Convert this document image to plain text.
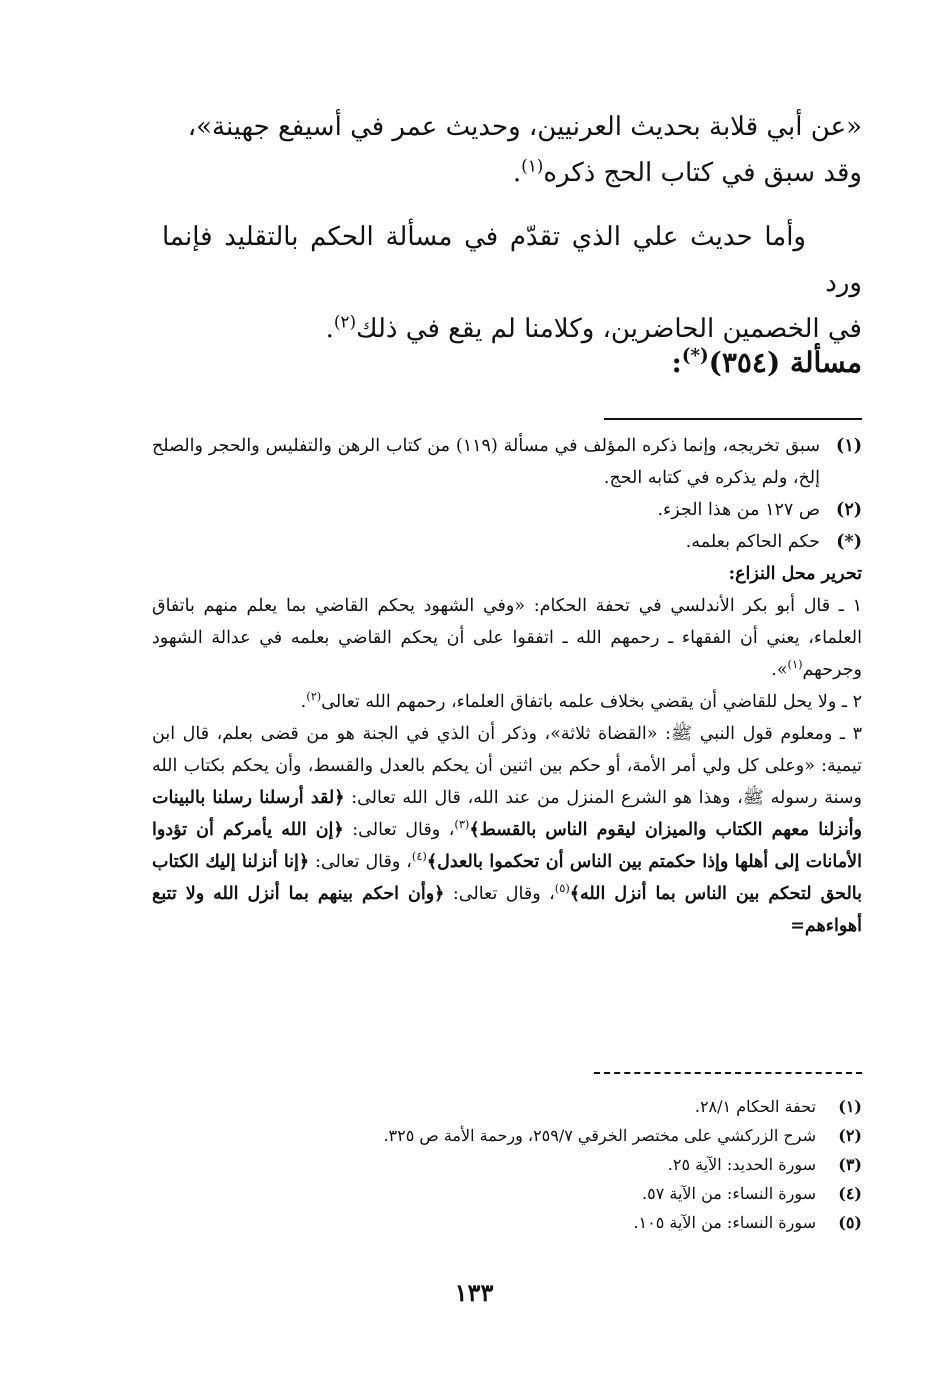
«عن أبي قلابة بحديث العرنيين، وحديث عمر في أسيفع جهينة»،
وقد سبق في كتاب الحج ذكره$^{(١)}$.
وأما حديث علي الذي تقدّم في مسألة الحكم بالتقليد فإنما ورد
في الخصمين الحاضرين، وكلامنا لم يقع في ذلك$^{(٢)}$.
مسألة (٣٥٤)(*):
(١)
سبق تخريجه، وإنما ذكره المؤلف في مسألة (١١٩) من كتاب الرهن والتفليس والحجر والصلح إلخ، ولم يذكره في كتابه الحج.
(٢)
ص ١٢٧ من هذا الجزء.
(*)
حكم الحاكم بعلمه.
تحرير محل النزاع:
١ ـ قال أبو بكر الأندلسي في تحفة الحكام: «وفي الشهود يحكم القاضي بما يعلم منهم باتفاق العلماء، يعني أن الفقهاء ـ رحمهم الله ـ اتفقوا على أن يحكم القاضي بعلمه في عدالة الشهود وجرحهم$^{(١)}$».
٢ ـ ولا يحل للقاضي أن يقضي بخلاف علمه باتفاق العلماء، رحمهم الله تعالى$^{(٢)}$.
٣ ـ ومعلوم قول النبي ﷺ: «القضاة ثلاثة»، وذكر أن الذي في الجنة هو من قضى بعلم، قال ابن تيمية: «وعلى كل ولي أمر الأمة، أو حكم بين اثنين أن يحكم بالعدل والقسط، وأن يحكم بكتاب الله وسنة رسوله ﷺ، وهذا هو الشرع المنزل من عند الله، قال الله تعالى: ﴿لقد أرسلنا رسلنا بالبينات وأنزلنا معهم الكتاب والميزان ليقوم الناس بالقسط﴾$^{(٣)}$، وقال تعالى: ﴿إن الله يأمركم أن تؤدوا الأمانات إلى أهلها وإذا حكمتم بين الناس أن تحكموا بالعدل﴾$^{(٤)}$، وقال تعالى: ﴿إنا أنزلنا إليك الكتاب بالحق لتحكم بين الناس بما أنزل الله﴾$^{(٥)}$، وقال تعالى: ﴿وأن احكم بينهم بما أنزل الله ولا تتبع أهواءهم=
(١)
تحفة الحكام ٢٨/١.
(٢)
شرح الزركشي على مختصر الخرقي ٢٥٩/٧، ورحمة الأمة ص ٣٢٥.
(٣)
سورة الحديد: الآية ٢٥.
(٤)
سورة النساء: من الآية ٥٧.
(٥)
سورة النساء: من الآية ١٠٥.
١٣٣
